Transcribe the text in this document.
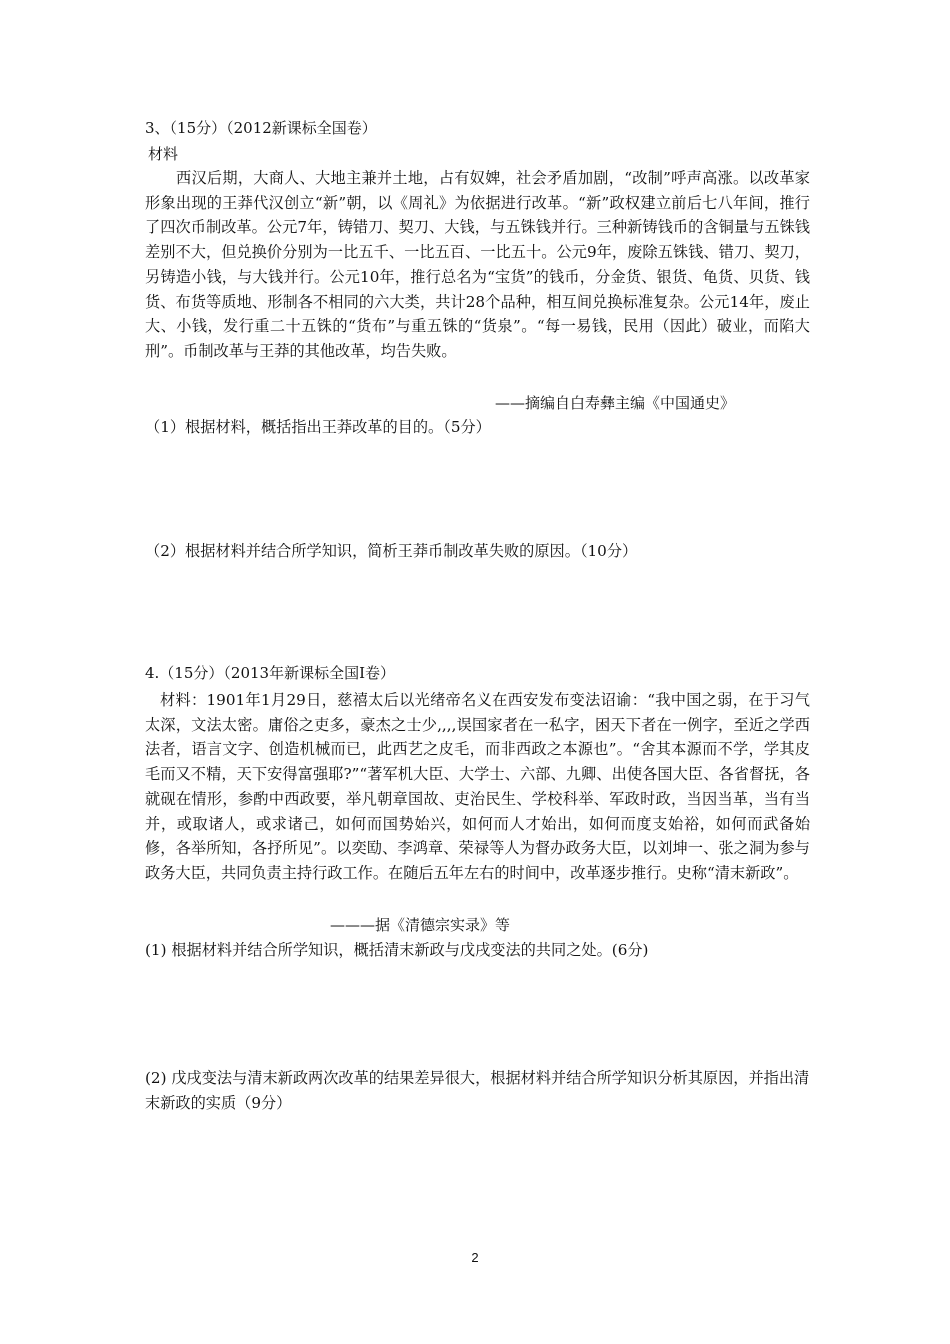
3、（15分）（2012新课标全国卷）
材料
西汉后期，大商人、大地主兼并土地，占有奴婢，社会矛盾加剧，“改制”呼声高涨。以改革家形象出现的王莽代汉创立“新”朝，以《周礼》为依据进行改革。“新”政权建立前后七八年间，推行了四次币制改革。公元7年，铸错刀、契刀、大钱，与五铢钱并行。三种新铸钱币的含铜量与五铢钱差别不大，但兑换价分别为一比五千、一比五百、一比五十。公元9年，废除五铢钱、错刀、契刀，另铸造小钱，与大钱并行。公元10年，推行总名为“宝货”的钱币，分金货、银货、龟货、贝货、钱货、布货等质地、形制各不相同的六大类，共计28个品种，相互间兑换标准复杂。公元14年，废止大、小钱，发行重二十五铢的“货布”与重五铢的“货泉”。“每一易钱，民用（因此）破业，而陷大刑”。币制改革与王莽的其他改革，均告失败。
——摘编自白寿彝主编《中国通史》
（1）根据材料，概括指出王莽改革的目的。（5分）
（2）根据材料并结合所学知识，简析王莽币制改革失败的原因。（10分）
4.（15分）（2013年新课标全国Ⅰ卷）
材料：1901年1月29日，慈禧太后以光绪帝名义在西安发布变法诏谕：“我中国之弱，在于习气太深，文法太密。庸俗之吏多，豪杰之士少,,,,误国家者在一私字，困天下者在一例字，至近之学西法者，语言文字、创造机械而已，此西艺之皮毛，而非西政之本源也”。“舍其本源而不学，学其皮毛而又不精，天下安得富强耶?”“著军机大臣、大学士、六部、九卿、出使各国大臣、各省督抚，各就砚在情形，参酌中西政要，举凡朝章国故、吏治民生、学校科举、军政时政，当因当革，当有当并，或取诸人，或求诸己，如何而国势始兴，如何而人才始出，如何而度支始裕，如何而武备始修，各举所知，各抒所见”。以奕劻、李鸿章、荣禄等人为督办政务大臣，以刘坤一、张之洞为参与政务大臣，共同负责主持行政工作。在随后五年左右的时间中，改革逐步推行。史称“清末新政”。
———据《清德宗实录》等
(1) 根据材料并结合所学知识，概括清末新政与戊戌变法的共同之处。(6分)
(2) 戊戌变法与清末新政两次改革的结果差异很大，根据材料并结合所学知识分析其原因，并指出清末新政的实质（9分）
2
